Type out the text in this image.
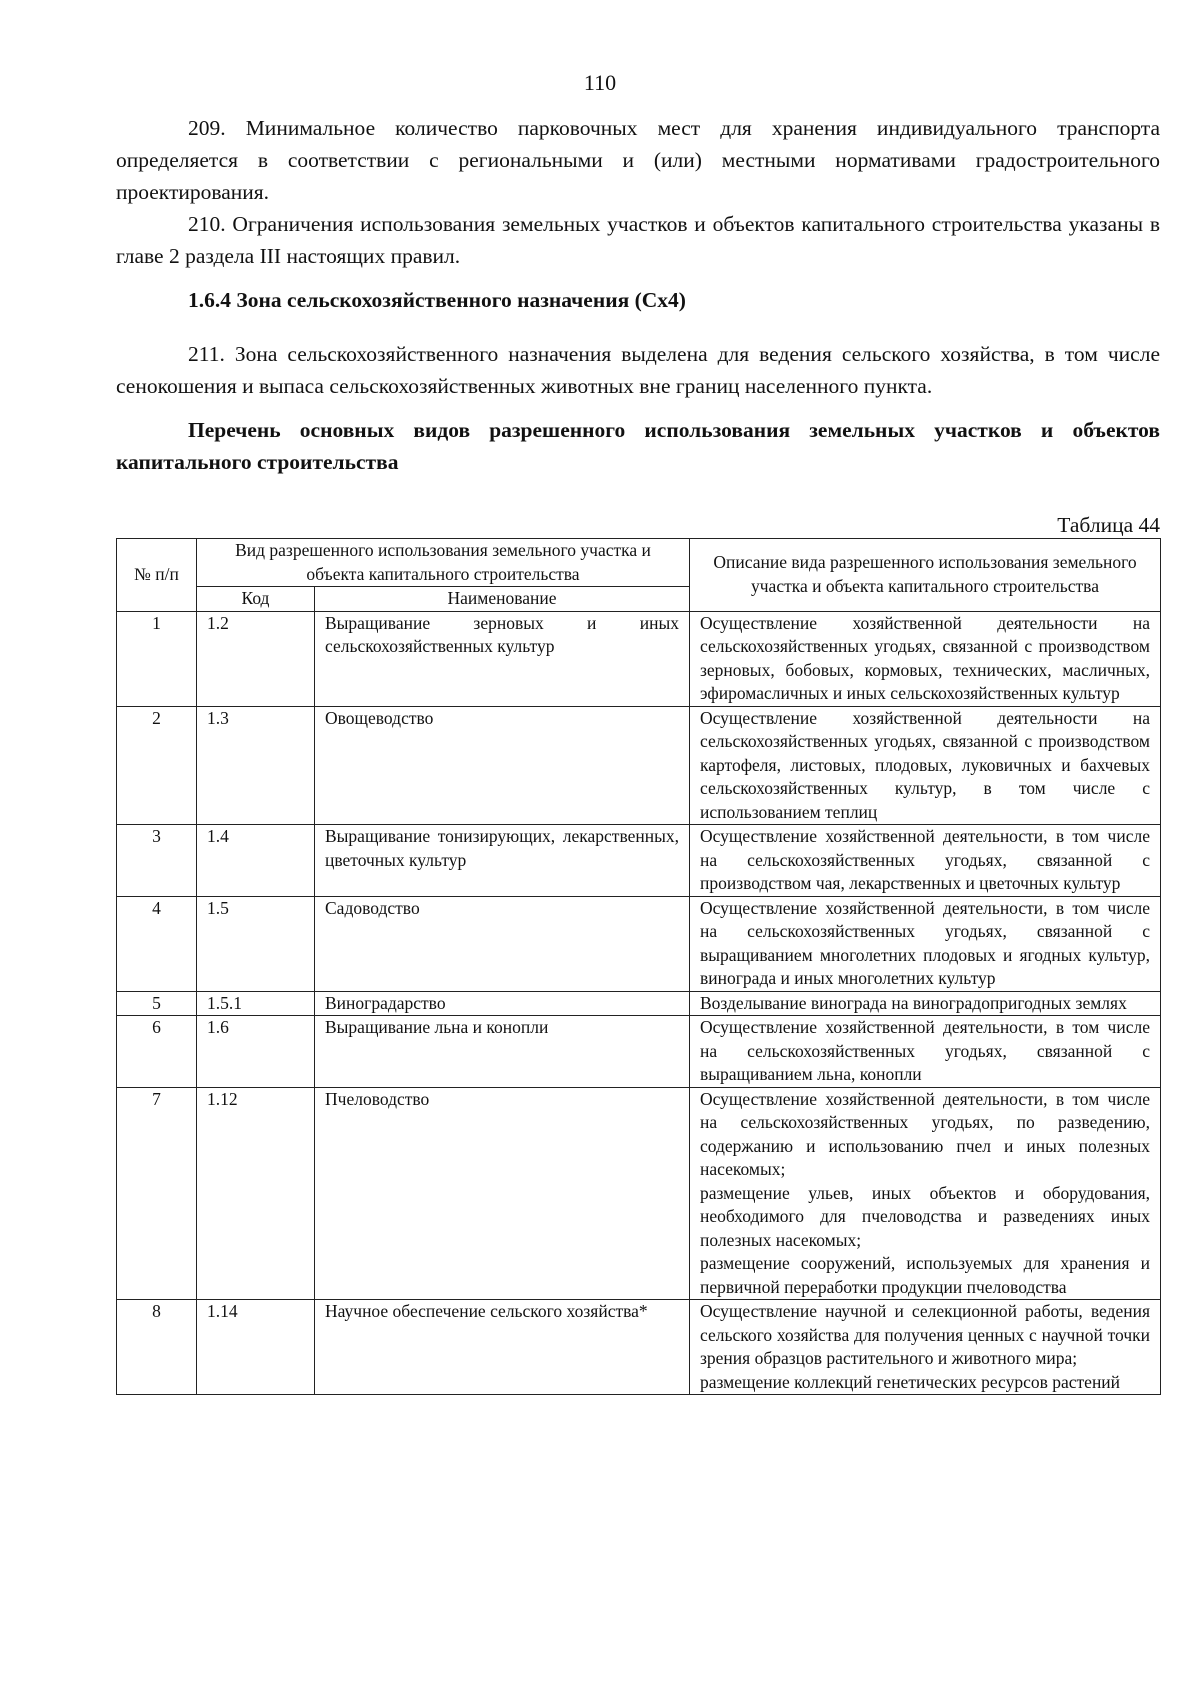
110

209. Минимальное количество парковочных мест для хранения индивидуального транспорта определяется в соответствии с региональными и (или) местными нормативами градостроительного проектирования.

210. Ограничения использования земельных участков и объектов капитального строительства указаны в главе 2 раздела III настоящих правил.

1.6.4 Зона сельскохозяйственного назначения (Сх4)

211. Зона сельскохозяйственного назначения выделена для ведения сельского хозяйства, в том числе сенокошения и выпаса сельскохозяйственных животных вне границ населенного пункта.

Перечень основных видов разрешенного использования земельных участков и объектов капитального строительства

Таблица 44
№ п/п	Вид разрешенного использования земельного участка и объекта капитального строительства		Описание вида разрешенного использования земельного участка и объекта капитального строительства
	Код	Наименование	
1	1.2	Выращивание зерновых и иных сельскохозяйственных культур	Осуществление хозяйственной деятельности на сельскохозяйственных угодьях, связанной с производством зерновых, бобовых, кормовых, технических, масличных, эфиромасличных и иных сельскохозяйственных культур

2	1.3	Овощеводство	Осуществление хозяйственной деятельности на сельскохозяйственных угодьях, связанной с производством картофеля, листовых, плодовых, луковичных и бахчевых сельскохозяйственных культур, в том числе с использованием теплиц

3	1.4	Выращивание тонизирующих, лекарственных, цветочных культур	Осуществление хозяйственной деятельности, в том числе на сельскохозяйственных угодьях, связанной с производством чая, лекарственных и цветочных культур

4	1.5	Садоводство	Осуществление хозяйственной деятельности, в том числе на сельскохозяйственных угодьях, связанной с выращиванием многолетних плодовых и ягодных культур, винограда и иных многолетних культур

5	1.5.1	Виноградарство	Возделывание винограда на виноградопригодных землях

6	1.6	Выращивание льна и конопли	Осуществление хозяйственной деятельности, в том числе на сельскохозяйственных угодьях, связанной с выращиванием льна, конопли

7	1.12	Пчеловодство	Осуществление хозяйственной деятельности, в том числе на сельскохозяйственных угодьях, по разведению, содержанию и использованию пчел и иных полезных насекомых;
размещение ульев, иных объектов и оборудования, необходимого для пчеловодства и разведениях иных полезных насекомых;
размещение сооружений, используемых для хранения и первичной переработки продукции пчеловодства

8	1.14	Научное обеспечение сельского хозяйства*	Осуществление научной и селекционной работы, ведения сельского хозяйства для получения ценных с научной точки зрения образцов растительного и животного мира;
размещение коллекций генетических ресурсов растений
